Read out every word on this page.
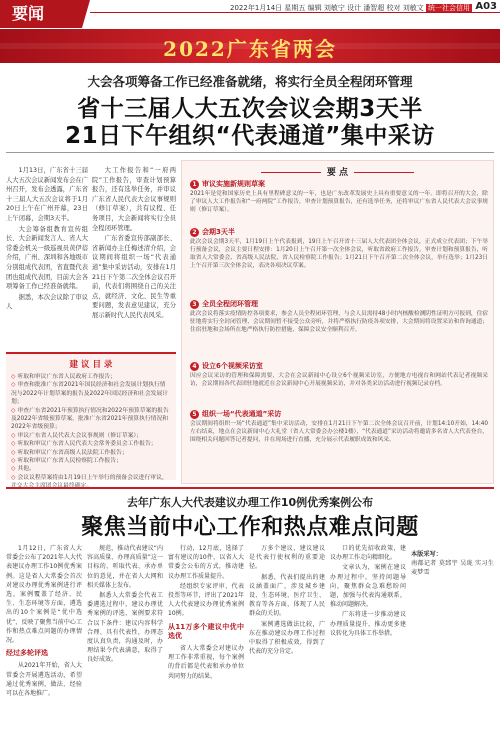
要闻	2022年1月14日 星期五 编辑 刘敏宁 设计 潘智超 校对 刘敏文 统一社会信用 A03
2022广东省两会
大会各项筹备工作已经准备就绪，将实行全员全程闭环管理
省十三届人大五次会议会期3天半
21日下午组织“代表通道”集中采访

1月13日，广东省十三届人大五次会议新闻发布会在广州召开，发布会透露，广东省十三届人大五次会议将于1月20日上午在广州开幕，23日上午闭幕，会期3天半。

大会筹备组教育宣传组长、大会新闻发言人、省人大常委会机关一级巡视员黄伊蓓介绍，广州、深圳和各地级市分别组成代表团，省直暨代表团也组成代表团，目前大会各项筹备工作已经准备就绪。

据悉，本次会议除了审议人

大工作报告和“一府两院”工作报告，审查计划预算报告，还有选举任务，并审议广东省人民代表大会议事规则（修订草案），共有议程、任务项目，大会新闻将实行全员全程闭环管理。

广东省委宣传部副部长、省新闻办主任梅述清介绍，会议期间将组织一场“代表通道”集中采访活动，安排在1月21日下午第二次全体会议召开前，代表们将围绕自己的关注点，就经济、文化、民生等重要问题，发表意见建议，充分展示新时代人民代表风采。

建 议 目 录
◇ 听取和审议广东省人民政府工作报告；
◇ 审查和批准广东省2021年国民经济和社会发展计划执行情况与2022年计划草案的报告及2022年国民经济和社会发展计划；
◇ 审查广东省2021年预算执行情况和2022年预算草案的报告及2022年省级预算草案，批准广东省2021年预算执行情况和2022年省级预算；
◇ 审议广东省人民代表大会议事规则（修订草案）；
◇ 听取和审议广东省人民代表大会常务委员会工作报告；
◇ 听取和审议广东省高级人民法院工作报告；
◇ 听取和审议广东省人民检察院工作报告；
◇ 其他。
◇ 会议议程草案将由1月19日上午举行的预备会议进行审议，
要 点
1 审议实施新规则草案
2021年是党和国家历史上具有里程碑意义的一年，也是广东改革发展史上具有重要意义的一年。即将召开的大会，除了审议人大工作报告和“一府两院”工作报告，审查计划预算报告，还有选举任务，还将审议广东省人民代表大会议事规则（修订草案）。
2 会期3天半
此次会议会期3天半，1月19日上午代表报到，19日上午召开省十三届人大代表团全体会议，正式成立代表团；下午举行预备会议，会议主要日程安排：1月20日上午召开第一次全体会议，听取省政府工作报告，审查计划和预算报告，听取省人大常委会、省高级人民法院、省人民检察院工作报告；1月21日下午召开第二次全体会议，举行选举；1月23日上午召开第三次全体会议，表决各项决议草案。
3 全员全程闭环管理
此次会议将落实疫情防控各项要求，参会人员全程闭环管理，与会人员需持48小时内核酸检测阴性证明方可报到，住宿驻地将实行全封闭管理，会议期间暂不接受公众旁听，并将严格执行防疫各项安排，大会期间将设置采访和咨询通道；住宿驻地和会场所在地严格执行防控措施，保障会议安全顺利召开。
4 设立6个视频采访室
因应会议采访的管理和保障需要，大会在会议新闻中心设立6个视频采访室，方便地方电视台和网站代表记者视频采访，会议期间各代表团驻地就近在会议新闻中心开展视频采访，并对各类采访活动进行视频记录存档。
5 组织一场“代表通道”采访
会议期间将组织一场“代表通道”集中采访活动，安排在1月21日下午第二次全体会议召开前，计划14:10开始，14:40左右结束，地点在会议新闻中心大礼堂（省人大常委会办公楼1楼），“代表通道”采访活动将邀请多名省人大代表登台，围绕相关问题回答记者提问，并在现场进行直播，充分展示代表履职成效和风采。
去年广东人大代表建议办理工作10例优秀案例公布
聚焦当前中心工作和热点难点问题

1月12日，广东省人大常委会公布了2021年人大代表建议办理工作10例优秀案例。这是省人大常委会首次对建议办理优秀案例进行评选，案例覆盖了经济、民生、生态环境等方面，遴选出的10个案例是“优中选优”，反映了聚焦当前中心工作和热点难点问题的办理情况。

经过多轮评选

从2021年开始，省人大常委会开展遴选活动，希望通过优秀案例，做法、经验可以在各地推广。

规范，推动代表建议“内容高质量、办理高质量”这一目标的，听取代表、承办单位的意见，并在省人大网和相关媒体上发布。

据悉人大常委会代表工委遴选过程中，建议办理优秀案例的评选，案例要求符合以下条件：建议内容科学合理、具有代表性，办理态度认真负责，沟通及时，办理结果令代表满意，取得了良好成效。

行动，12月底，选择了富有建议的10件，以省人大常委会公布的方式，推动建议办理工作质量提升。

经组织专家评审、代表投票等环节，评出了2021年人大代表建议办理优秀案例10例。

从11万多个建议中优中选优

省人大常委会对建议办理工作非常重视，每个案例的背后都是代表和承办单位共同努力的结果。

万多个建议，建议建议是代表行使权利的重要途径。

据悉，代表们提出的建议涵盖面广，涉及城乡建设、生态环境、医疗卫生、教育等各方面，体现了人民群众的关切。

案例遴选做法比较，广东在推动建议办理工作过程中取得了积极成效，得到了代表的充分肯定。

口的优先招收政策，建议办理工作走向精细化。

文章认为，案例在建议办理过程中，坚持问题导向，聚焦群众急难愁盼问题，加强与代表沟通联系，推动问题解决。

广东将进一步推动建议办理质量提升，推动更多建议转化为具体工作举措。

本版采写：
南都记者 莫郅宇 吴珑 实习生 麦梦雪
